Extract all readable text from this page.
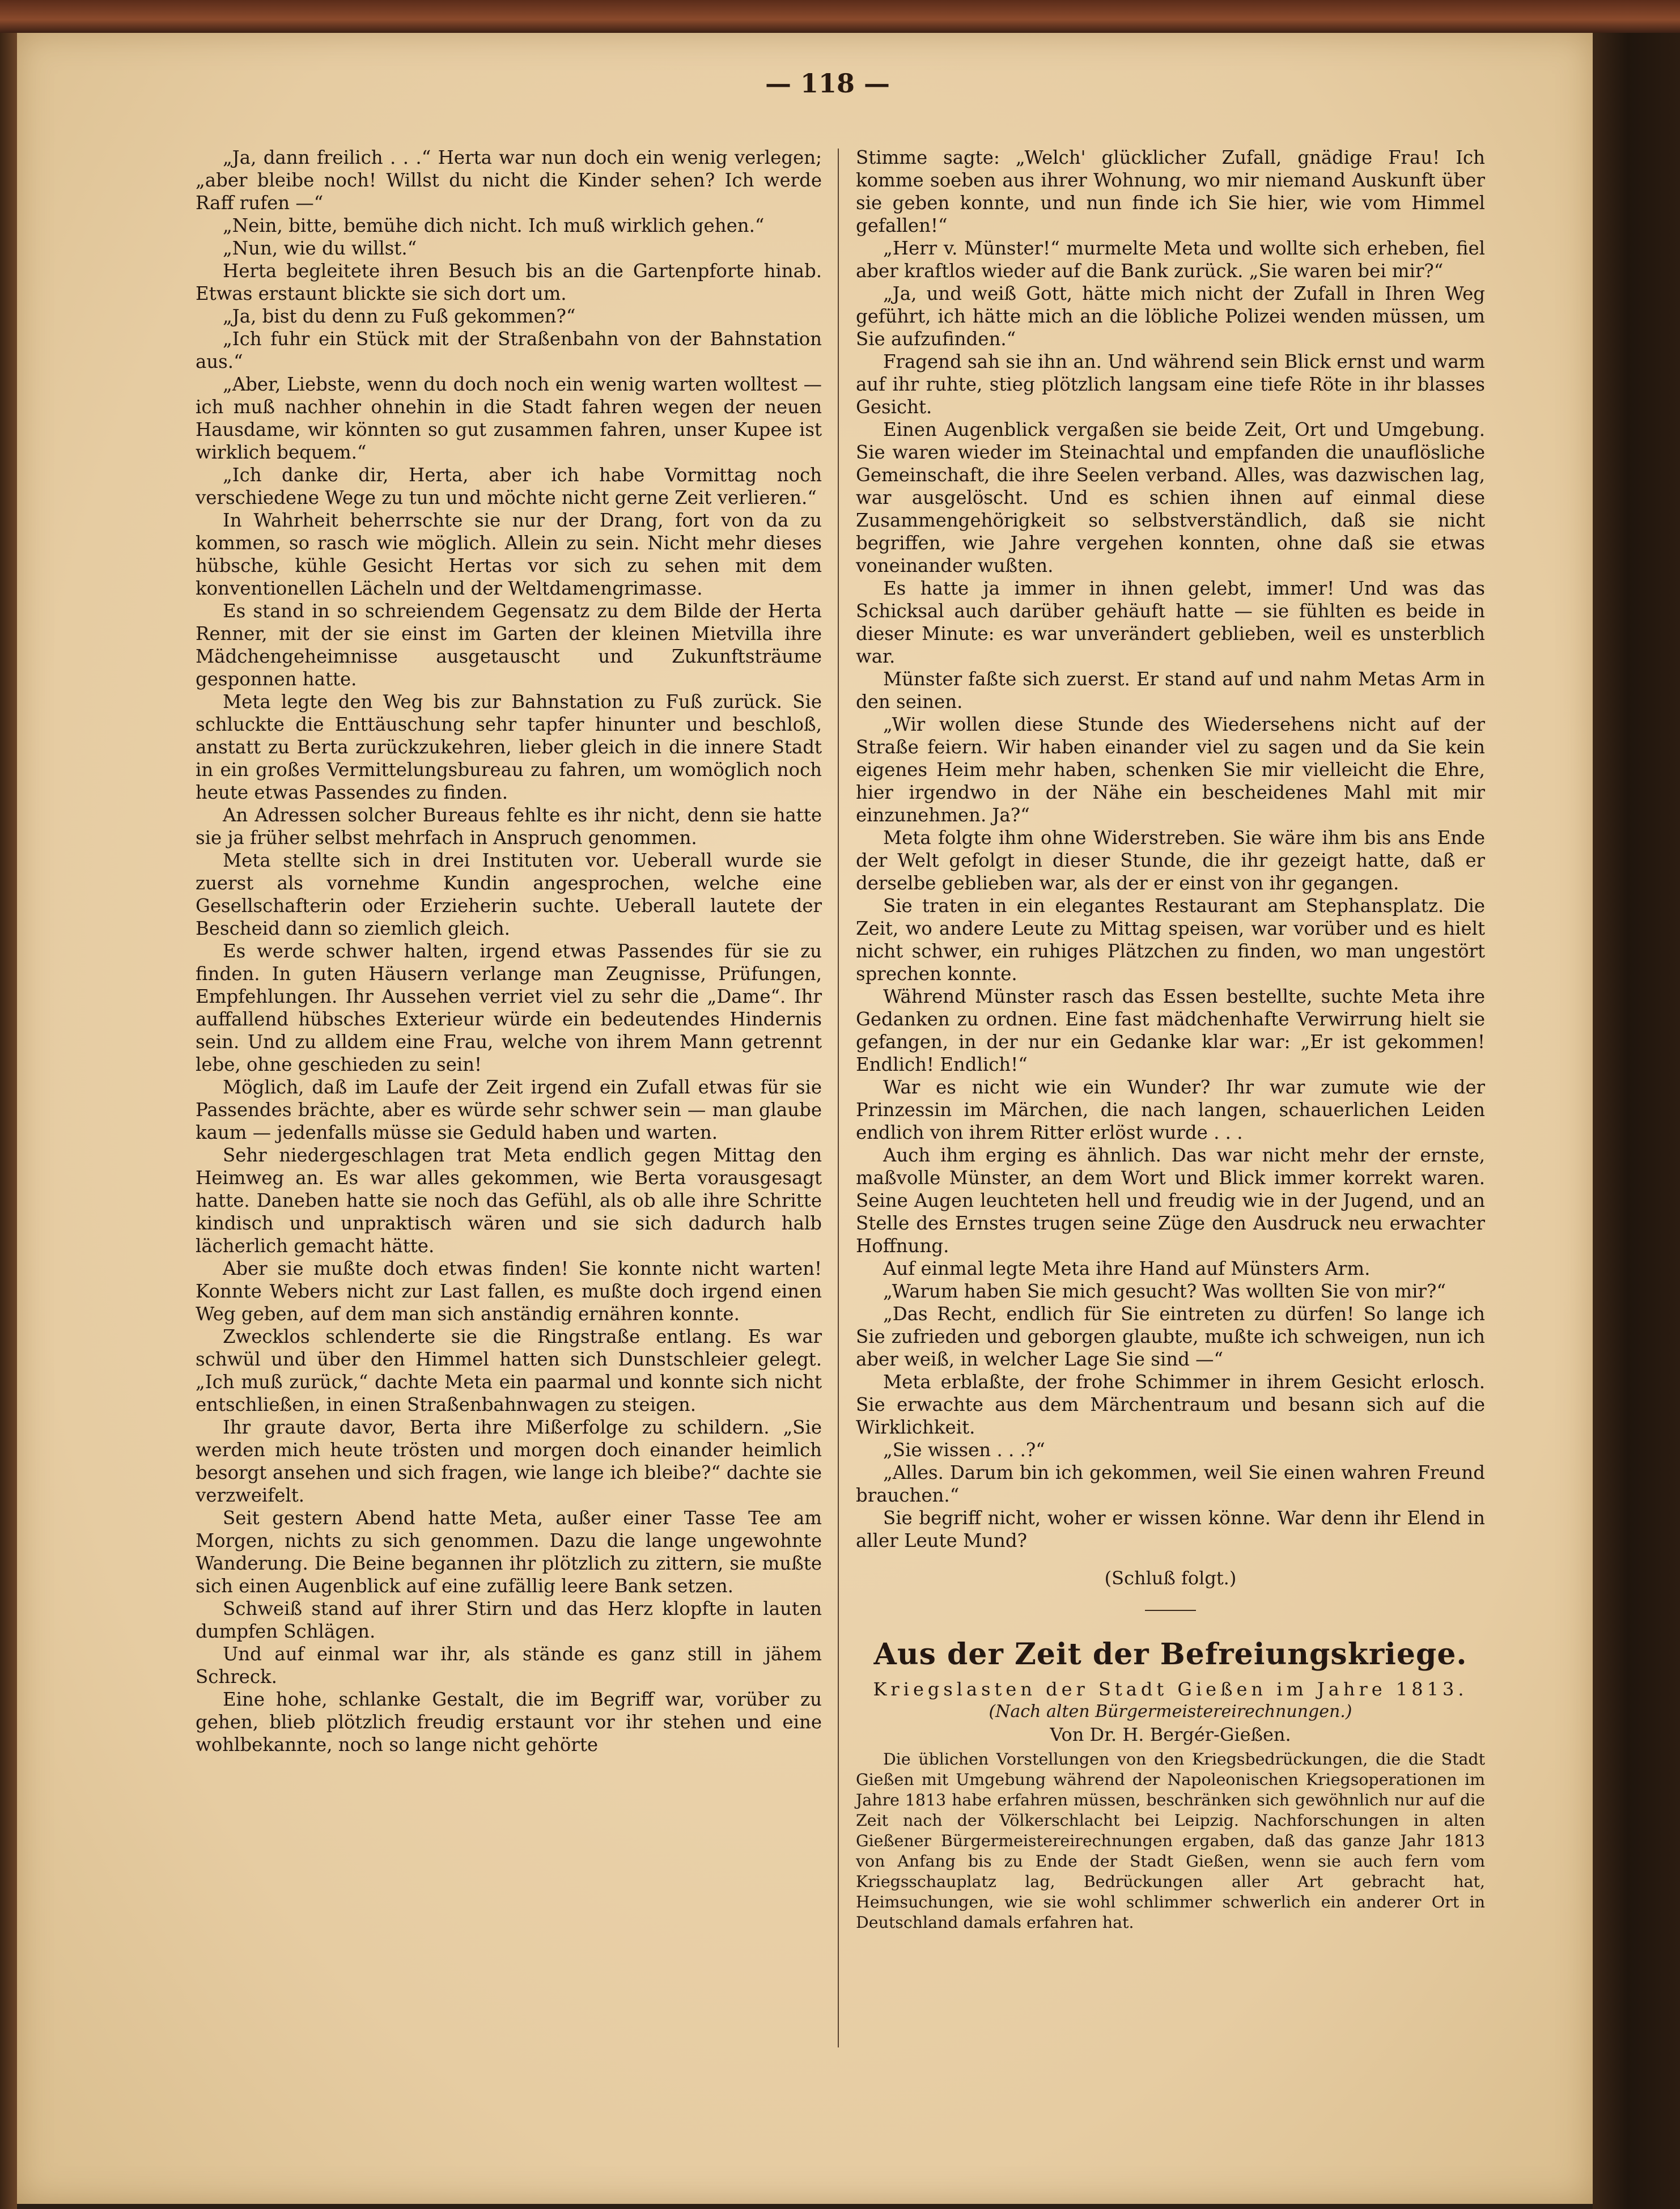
— 118 —

„Ja, dann freilich . . .“ Herta war nun doch ein wenig verlegen; „aber bleibe noch! Willst du nicht die Kinder sehen? Ich werde Raff rufen —“

„Nein, bitte, bemühe dich nicht. Ich muß wirklich gehen.“

„Nun, wie du willst.“

Herta begleitete ihren Besuch bis an die Gartenpforte hinab. Etwas erstaunt blickte sie sich dort um.

„Ja, bist du denn zu Fuß gekommen?“

„Ich fuhr ein Stück mit der Straßenbahn von der Bahnstation aus.“

„Aber, Liebste, wenn du doch noch ein wenig warten wolltest — ich muß nachher ohnehin in die Stadt fahren wegen der neuen Hausdame, wir könnten so gut zusammen fahren, unser Kupee ist wirklich bequem.“

„Ich danke dir, Herta, aber ich habe Vormittag noch verschiedene Wege zu tun und möchte nicht gerne Zeit verlieren.“

In Wahrheit beherrschte sie nur der Drang, fort von da zu kommen, so rasch wie möglich. Allein zu sein. Nicht mehr dieses hübsche, kühle Gesicht Hertas vor sich zu sehen mit dem konventionellen Lächeln und der Weltdamengrimasse.

Es stand in so schreiendem Gegensatz zu dem Bilde der Herta Renner, mit der sie einst im Garten der kleinen Mietvilla ihre Mädchengeheimnisse ausgetauscht und Zukunftsträume gesponnen hatte.

Meta legte den Weg bis zur Bahnstation zu Fuß zurück. Sie schluckte die Enttäuschung sehr tapfer hinunter und beschloß, anstatt zu Berta zurückzukehren, lieber gleich in die innere Stadt in ein großes Vermittelungsbureau zu fahren, um womöglich noch heute etwas Passendes zu finden.

An Adressen solcher Bureaus fehlte es ihr nicht, denn sie hatte sie ja früher selbst mehrfach in Anspruch genommen.

Meta stellte sich in drei Instituten vor. Ueberall wurde sie zuerst als vornehme Kundin angesprochen, welche eine Gesellschafterin oder Erzieherin suchte. Ueberall lautete der Bescheid dann so ziemlich gleich.

Es werde schwer halten, irgend etwas Passendes für sie zu finden. In guten Häusern verlange man Zeugnisse, Prüfungen, Empfehlungen. Ihr Aussehen verriet viel zu sehr die „Dame“. Ihr auffallend hübsches Exterieur würde ein bedeutendes Hindernis sein. Und zu alldem eine Frau, welche von ihrem Mann getrennt lebe, ohne geschieden zu sein!

Möglich, daß im Laufe der Zeit irgend ein Zufall etwas für sie Passendes brächte, aber es würde sehr schwer sein — man glaube kaum — jedenfalls müsse sie Geduld haben und warten.

Sehr niedergeschlagen trat Meta endlich gegen Mittag den Heimweg an. Es war alles gekommen, wie Berta vorausgesagt hatte. Daneben hatte sie noch das Gefühl, als ob alle ihre Schritte kindisch und unpraktisch wären und sie sich dadurch halb lächerlich gemacht hätte.

Aber sie mußte doch etwas finden! Sie konnte nicht warten! Konnte Webers nicht zur Last fallen, es mußte doch irgend einen Weg geben, auf dem man sich anständig ernähren konnte.

Zwecklos schlenderte sie die Ringstraße entlang. Es war schwül und über den Himmel hatten sich Dunstschleier gelegt. „Ich muß zurück,“ dachte Meta ein paarmal und konnte sich nicht entschließen, in einen Straßenbahnwagen zu steigen.

Ihr graute davor, Berta ihre Mißerfolge zu schildern. „Sie werden mich heute trösten und morgen doch einander heimlich besorgt ansehen und sich fragen, wie lange ich bleibe?“ dachte sie verzweifelt.

Seit gestern Abend hatte Meta, außer einer Tasse Tee am Morgen, nichts zu sich genommen. Dazu die lange ungewohnte Wanderung. Die Beine begannen ihr plötzlich zu zittern, sie mußte sich einen Augenblick auf eine zufällig leere Bank setzen.

Schweiß stand auf ihrer Stirn und das Herz klopfte in lauten dumpfen Schlägen.

Und auf einmal war ihr, als stände es ganz still in jähem Schreck.

Eine hohe, schlanke Gestalt, die im Begriff war, vorüber zu gehen, blieb plötzlich freudig erstaunt vor ihr stehen und eine wohlbekannte, noch so lange nicht gehörte

Stimme sagte: „Welch' glücklicher Zufall, gnädige Frau! Ich komme soeben aus ihrer Wohnung, wo mir niemand Auskunft über sie geben konnte, und nun finde ich Sie hier, wie vom Himmel gefallen!“

„Herr v. Münster!“ murmelte Meta und wollte sich erheben, fiel aber kraftlos wieder auf die Bank zurück. „Sie waren bei mir?“

„Ja, und weiß Gott, hätte mich nicht der Zufall in Ihren Weg geführt, ich hätte mich an die löbliche Polizei wenden müssen, um Sie aufzufinden.“

Fragend sah sie ihn an. Und während sein Blick ernst und warm auf ihr ruhte, stieg plötzlich langsam eine tiefe Röte in ihr blasses Gesicht.

Einen Augenblick vergaßen sie beide Zeit, Ort und Umgebung. Sie waren wieder im Steinachtal und empfanden die unauflösliche Gemeinschaft, die ihre Seelen verband. Alles, was dazwischen lag, war ausgelöscht. Und es schien ihnen auf einmal diese Zusammengehörigkeit so selbstverständlich, daß sie nicht begriffen, wie Jahre vergehen konnten, ohne daß sie etwas voneinander wußten.

Es hatte ja immer in ihnen gelebt, immer! Und was das Schicksal auch darüber gehäuft hatte — sie fühlten es beide in dieser Minute: es war unverändert geblieben, weil es unsterblich war.

Münster faßte sich zuerst. Er stand auf und nahm Metas Arm in den seinen.

„Wir wollen diese Stunde des Wiedersehens nicht auf der Straße feiern. Wir haben einander viel zu sagen und da Sie kein eigenes Heim mehr haben, schenken Sie mir vielleicht die Ehre, hier irgendwo in der Nähe ein bescheidenes Mahl mit mir einzunehmen. Ja?“

Meta folgte ihm ohne Widerstreben. Sie wäre ihm bis ans Ende der Welt gefolgt in dieser Stunde, die ihr gezeigt hatte, daß er derselbe geblieben war, als der er einst von ihr gegangen.

Sie traten in ein elegantes Restaurant am Stephansplatz. Die Zeit, wo andere Leute zu Mittag speisen, war vorüber und es hielt nicht schwer, ein ruhiges Plätzchen zu finden, wo man ungestört sprechen konnte.

Während Münster rasch das Essen bestellte, suchte Meta ihre Gedanken zu ordnen. Eine fast mädchenhafte Verwirrung hielt sie gefangen, in der nur ein Gedanke klar war: „Er ist gekommen! Endlich! Endlich!“

War es nicht wie ein Wunder? Ihr war zumute wie der Prinzessin im Märchen, die nach langen, schauerlichen Leiden endlich von ihrem Ritter erlöst wurde . . .

Auch ihm erging es ähnlich. Das war nicht mehr der ernste, maßvolle Münster, an dem Wort und Blick immer korrekt waren. Seine Augen leuchteten hell und freudig wie in der Jugend, und an Stelle des Ernstes trugen seine Züge den Ausdruck neu erwachter Hoffnung.

Auf einmal legte Meta ihre Hand auf Münsters Arm.

„Warum haben Sie mich gesucht? Was wollten Sie von mir?“

„Das Recht, endlich für Sie eintreten zu dürfen! So lange ich Sie zufrieden und geborgen glaubte, mußte ich schweigen, nun ich aber weiß, in welcher Lage Sie sind —“

Meta erblaßte, der frohe Schimmer in ihrem Gesicht erlosch. Sie erwachte aus dem Märchentraum und besann sich auf die Wirklichkeit.

„Sie wissen . . .?“

„Alles. Darum bin ich gekommen, weil Sie einen wahren Freund brauchen.“

Sie begriff nicht, woher er wissen könne. War denn ihr Elend in aller Leute Mund?

(Schluß folgt.)
Aus der Zeit der Befreiungskriege.
Kriegslasten der Stadt Gießen im Jahre 1813.
(Nach alten Bürgermeistereirechnungen.)
Von Dr. H. Bergér-Gießen.

Die üblichen Vorstellungen von den Kriegsbedrückungen, die die Stadt Gießen mit Umgebung während der Napoleonischen Kriegsoperationen im Jahre 1813 habe erfahren müssen, beschränken sich gewöhnlich nur auf die Zeit nach der Völkerschlacht bei Leipzig. Nachforschungen in alten Gießener Bürgermeistereirechnungen ergaben, daß das ganze Jahr 1813 von Anfang bis zu Ende der Stadt Gießen, wenn sie auch fern vom Kriegsschauplatz lag, Bedrückungen aller Art gebracht hat, Heimsuchungen, wie sie wohl schlimmer schwerlich ein anderer Ort in Deutschland damals erfahren hat.
